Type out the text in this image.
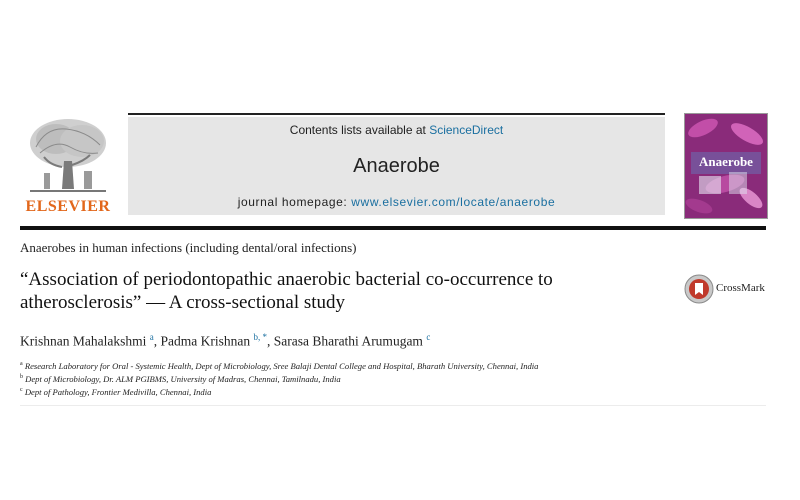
ELSEVIER
Contents lists available at ScienceDirect
Anaerobe
journal homepage: www.elsevier.com/locate/anaerobe
Anaerobe
Anaerobes in human infections (including dental/oral infections)
“Association of periodontopathic anaerobic bacterial co-occurrence to
atherosclerosis” — A cross-sectional study
CrossMark
Krishnan Mahalakshmi $^a$, Padma Krishnan $^{b, *}$, Sarasa Bharathi Arumugam $^c$
$^a$ Research Laboratory for Oral - Systemic Health, Dept of Microbiology, Sree Balaji Dental College and Hospital, Bharath University, Chennai, India
$^b$ Dept of Microbiology, Dr. ALM PGIBMS, University of Madras, Chennai, Tamilnadu, India
$^c$ Dept of Pathology, Frontier Medivilla, Chennai, India
